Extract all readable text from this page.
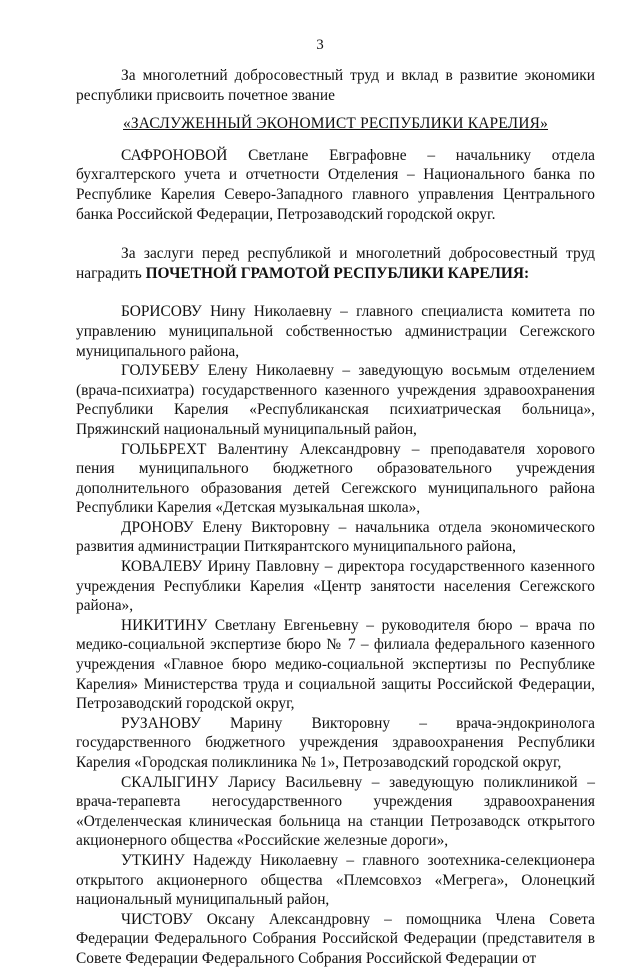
3

За многолетний добросовестный труд и вклад в развитие экономики республики присвоить почетное звание

«ЗАСЛУЖЕННЫЙ ЭКОНОМИСТ РЕСПУБЛИКИ КАРЕЛИЯ»

САФРОНОВОЙ Светлане Евграфовне – начальнику отдела бухгалтерского учета и отчетности Отделения – Национального банка по Республике Карелия Северо-Западного главного управления Центрального банка Российской Федерации, Петрозаводский городской округ.

За заслуги перед республикой и многолетний добросовестный труд наградить ПОЧЕТНОЙ ГРАМОТОЙ РЕСПУБЛИКИ КАРЕЛИЯ:

БОРИСОВУ Нину Николаевну – главного специалиста комитета по управлению муниципальной собственностью администрации Сегежского муниципального района,

ГОЛУБЕВУ Елену Николаевну – заведующую восьмым отделением (врача-психиатра) государственного казенного учреждения здравоохранения Республики Карелия «Республиканская психиатрическая больница», Пряжинский национальный муниципальный район,

ГОЛЬБРЕХТ Валентину Александровну – преподавателя хорового пения муниципального бюджетного образовательного учреждения дополнительного образования детей Сегежского муниципального района Республики Карелия «Детская музыкальная школа»,

ДРОНОВУ Елену Викторовну – начальника отдела экономического развития администрации Питкярантского муниципального района,

КОВАЛЕВУ Ирину Павловну – директора государственного казенного учреждения Республики Карелия «Центр занятости населения Сегежского района»,

НИКИТИНУ Светлану Евгеньевну – руководителя бюро – врача по медико-социальной экспертизе бюро № 7 – филиала федерального казенного учреждения «Главное бюро медико-социальной экспертизы по Республике Карелия» Министерства труда и социальной защиты Российской Федерации, Петрозаводский городской округ,

РУЗАНОВУ Марину Викторовну – врача-эндокринолога государственного бюджетного учреждения здравоохранения Республики Карелия «Городская поликлиника № 1», Петрозаводский городской округ,

СКАЛЫГИНУ Ларису Васильевну – заведующую поликлиникой – врача-терапевта негосударственного учреждения здравоохранения «Отделенческая клиническая больница на станции Петрозаводск открытого акционерного общества «Российские железные дороги»,

УТКИНУ Надежду Николаевну – главного зоотехника-селекционера открытого акционерного общества «Племсовхоз «Мегрега», Олонецкий национальный муниципальный район,

ЧИСТОВУ Оксану Александровну – помощника Члена Совета Федерации Федерального Собрания Российской Федерации (представителя в Совете Федерации Федерального Собрания Российской Федерации от
